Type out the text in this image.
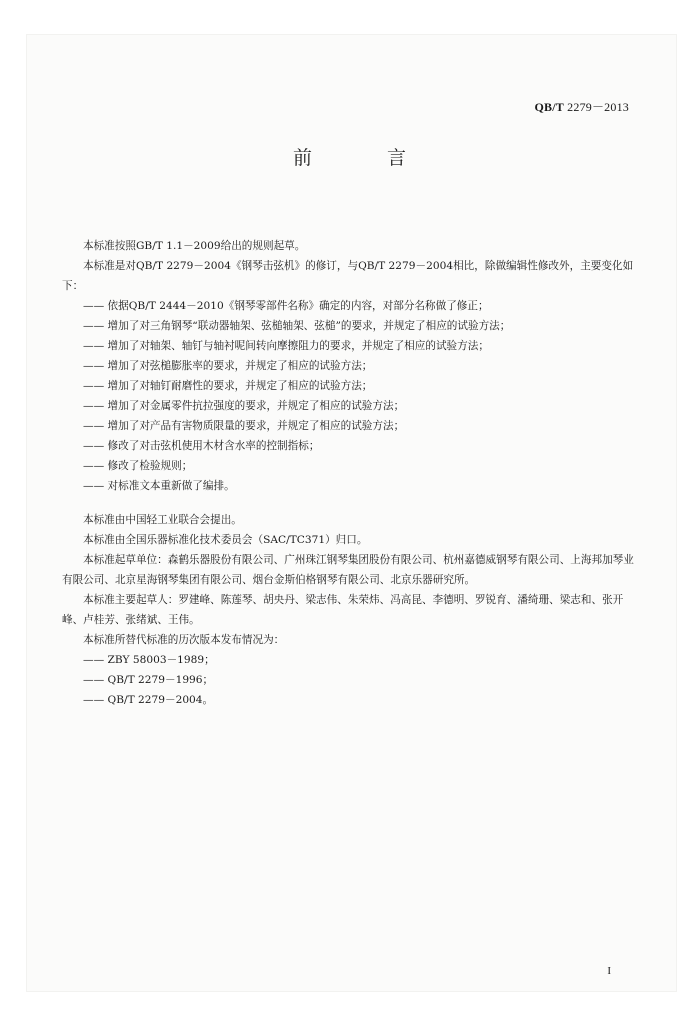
QB/T 2279－2013
前　言

本标准按照GB/T 1.1－2009给出的规则起草。

本标准是对QB/T 2279－2004《钢琴击弦机》的修订，与QB/T 2279－2004相比，除做编辑性修改外，主要变化如下：

—— 依据QB/T 2444－2010《钢琴零部件名称》确定的内容，对部分名称做了修正；
—— 增加了对三角钢琴“联动器轴架、弦槌轴架、弦槌”的要求，并规定了相应的试验方法；
—— 增加了对轴架、轴钉与轴衬呢间转向摩擦阻力的要求，并规定了相应的试验方法；
—— 增加了对弦槌膨胀率的要求，并规定了相应的试验方法；
—— 增加了对轴钉耐磨性的要求，并规定了相应的试验方法；
—— 增加了对金属零件抗拉强度的要求，并规定了相应的试验方法；
—— 增加了对产品有害物质限量的要求，并规定了相应的试验方法；
—— 修改了对击弦机使用木材含水率的控制指标；
—— 修改了检验规则；
—— 对标准文本重新做了编排。

本标准由中国轻工业联合会提出。

本标准由全国乐器标准化技术委员会（SAC/TC371）归口。

本标准起草单位：森鹤乐器股份有限公司、广州珠江钢琴集团股份有限公司、杭州嘉德威钢琴有限公司、上海邦加琴业有限公司、北京星海钢琴集团有限公司、烟台金斯伯格钢琴有限公司、北京乐器研究所。

本标准主要起草人：罗建峰、陈莲琴、胡央丹、梁志伟、朱荣炜、冯高昆、李德明、罗锐育、潘绮珊、梁志和、张开峰、卢桂芳、张绪斌、王伟。

本标准所替代标准的历次版本发布情况为：

—— ZBY 58003－1989；
—— QB/T 2279－1996；
—— QB/T 2279－2004。
I
